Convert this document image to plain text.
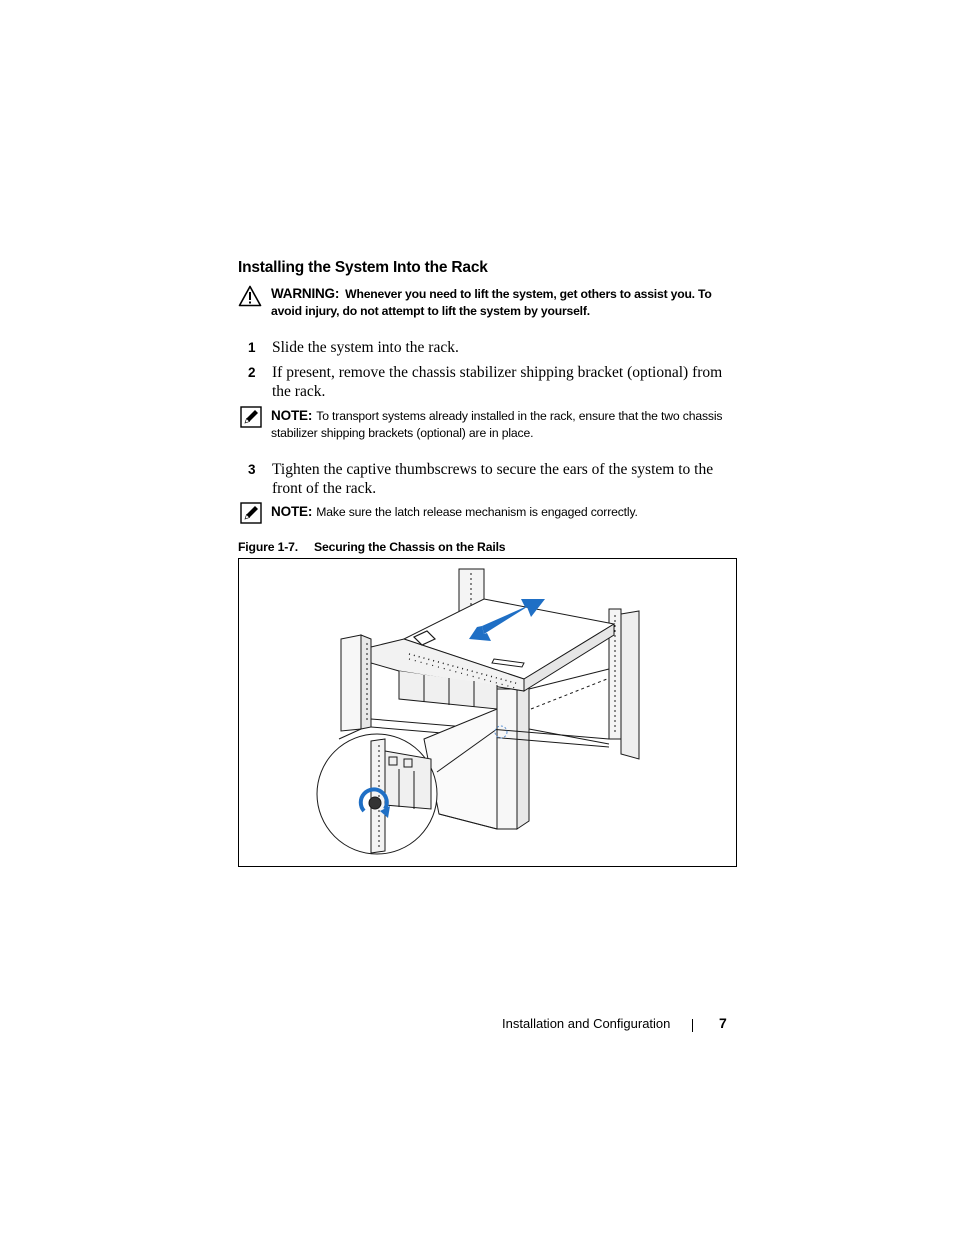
Installing the System Into the Rack
WARNING: Whenever you need to lift the system, get others to assist you. To avoid injury, do not attempt to lift the system by yourself.
1 Slide the system into the rack.
2 If present, remove the chassis stabilizer shipping bracket (optional) from the rack.
NOTE: To transport systems already installed in the rack, ensure that the two chassis stabilizer shipping brackets (optional) are in place.
3 Tighten the captive thumbscrews to secure the ears of the system to the front of the rack.
NOTE: Make sure the latch release mechanism is engaged correctly.
Figure 1-7. Securing the Chassis on the Rails
Installation and Configuration	7
